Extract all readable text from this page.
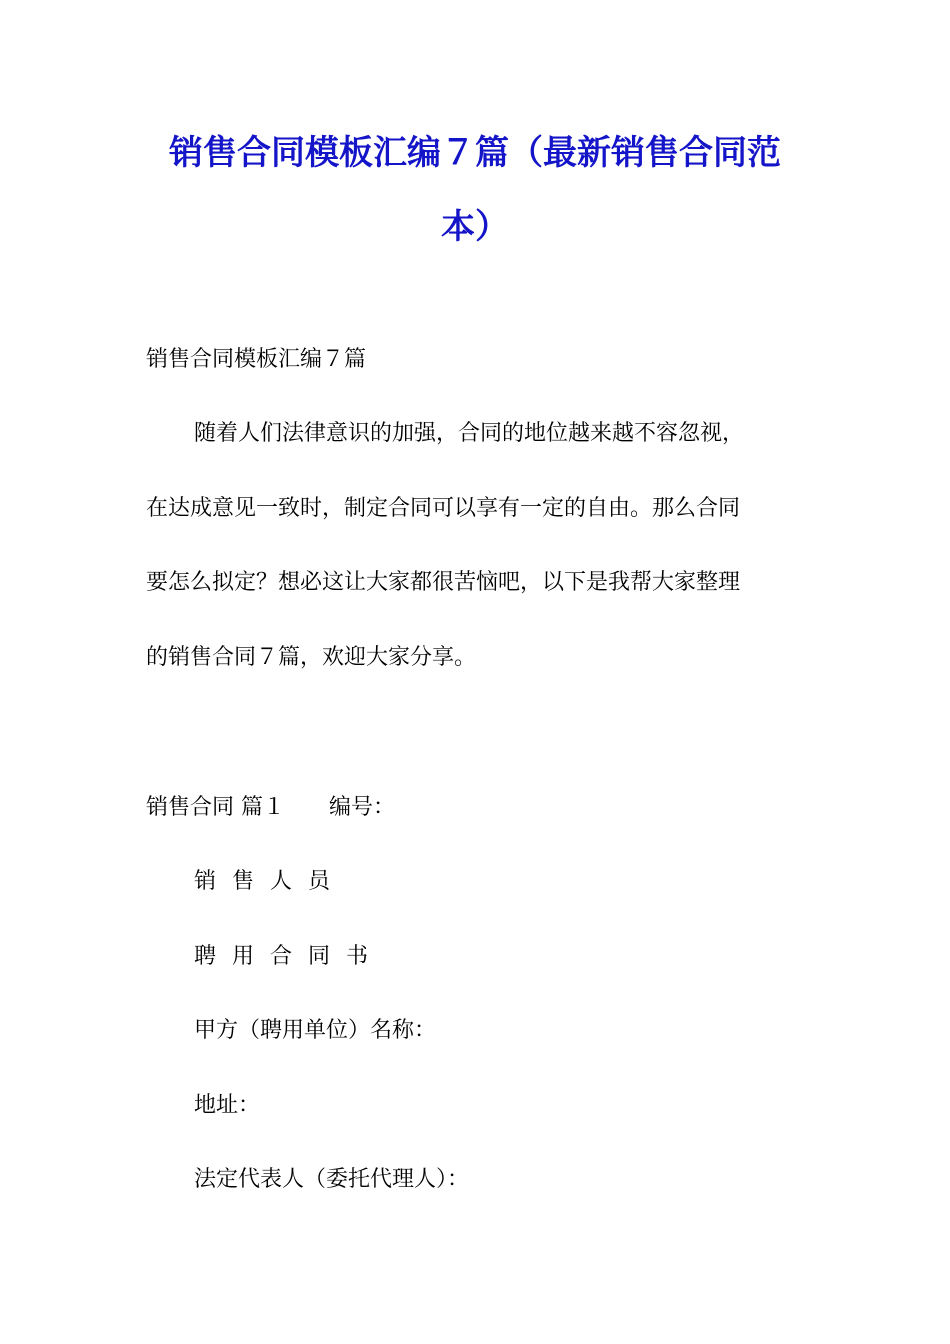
销售合同模板汇编７篇（最新销售合同范
本）
销售合同模板汇编７篇
随着人们法律意识的加强，合同的地位越来越不容忽视，
在达成意见一致时，制定合同可以享有一定的自由。那么合同
要怎么拟定？想必这让大家都很苦恼吧，以下是我帮大家整理
的销售合同７篇，欢迎大家分享。
销售合同 篇１ 编号：
销售人员
聘用合同书
甲方（聘用单位）名称：
地址：
法定代表人（委托代理人）：
